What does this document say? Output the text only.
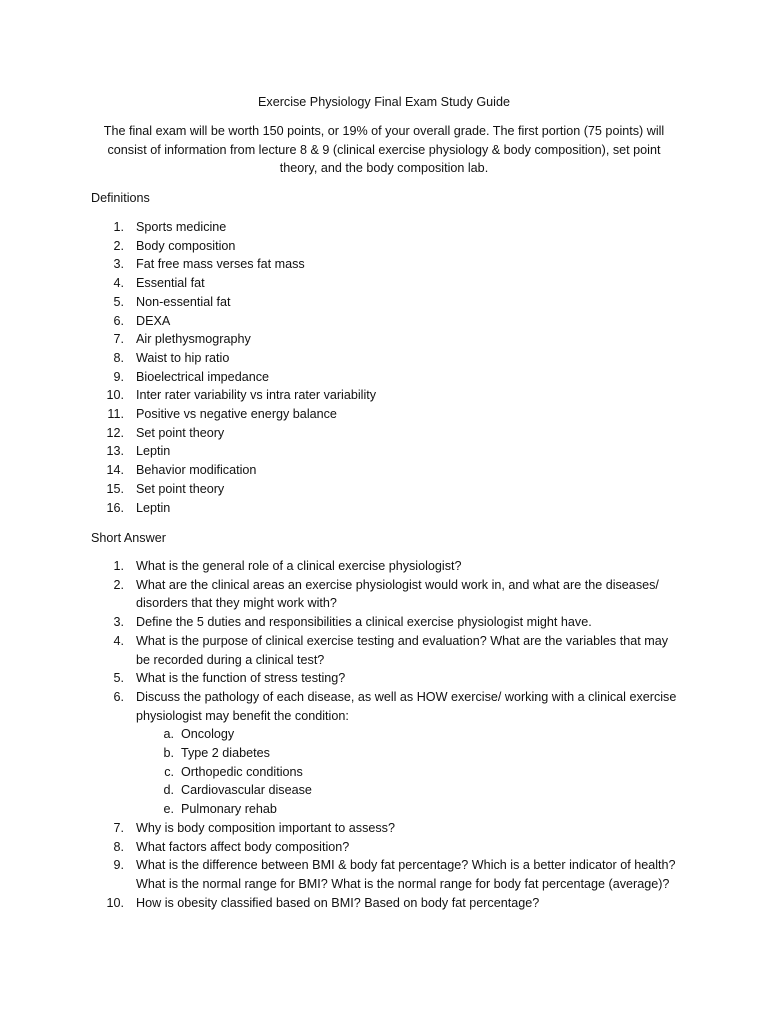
Exercise Physiology Final Exam Study Guide
The final exam will be worth 150 points, or 19% of your overall grade. The first portion (75 points) will consist of information from lecture 8 & 9 (clinical exercise physiology & body composition), set point theory, and the body composition lab.
Definitions
1. Sports medicine
2. Body composition
3. Fat free mass verses fat mass
4. Essential fat
5. Non-essential fat
6. DEXA
7. Air plethysmography
8. Waist to hip ratio
9. Bioelectrical impedance
10. Inter rater variability vs intra rater variability
11. Positive vs negative energy balance
12. Set point theory
13. Leptin
14. Behavior modification
15. Set point theory
16. Leptin
Short Answer
1. What is the general role of a clinical exercise physiologist?
2. What are the clinical areas an exercise physiologist would work in, and what are the diseases/ disorders that they might work with?
3. Define the 5 duties and responsibilities a clinical exercise physiologist might have.
4. What is the purpose of clinical exercise testing and evaluation? What are the variables that may be recorded during a clinical test?
5. What is the function of stress testing?
6. Discuss the pathology of each disease, as well as HOW exercise/ working with a clinical exercise physiologist may benefit the condition:
a. Oncology
b. Type 2 diabetes
c. Orthopedic conditions
d. Cardiovascular disease
e. Pulmonary rehab
7. Why is body composition important to assess?
8. What factors affect body composition?
9. What is the difference between BMI & body fat percentage? Which is a better indicator of health? What is the normal range for BMI? What is the normal range for body fat percentage (average)?
10. How is obesity classified based on BMI? Based on body fat percentage?
